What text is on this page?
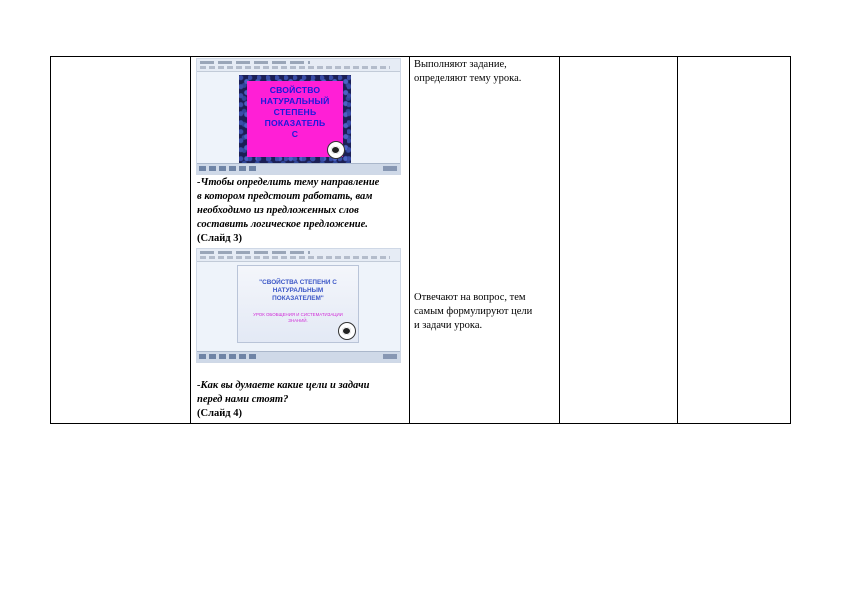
СВОЙСТВО
НАТУРАЛЬНЫЙ
СТЕПЕНЬ
ПОКАЗАТЕЛЬ
С
-Чтобы определить тему направление
в котором предстоит работать, вам
необходимо из предложенных слов
составить логическое предложение.
(Слайд 3)
"СВОЙСТВА СТЕПЕНИ С
НАТУРАЛЬНЫМ
ПОКАЗАТЕЛЕМ"
УРОК ОБОБЩЕНИЯ И СИСТЕМАТИЗАЦИИ
ЗНАНИЙ.
-Как вы думаете какие цели и задачи
перед нами стоят?
(Слайд 4)
Выполняют задание,
определяют тему урока.
Отвечают на вопрос, тем
самым формулируют цели
и задачи урока.
